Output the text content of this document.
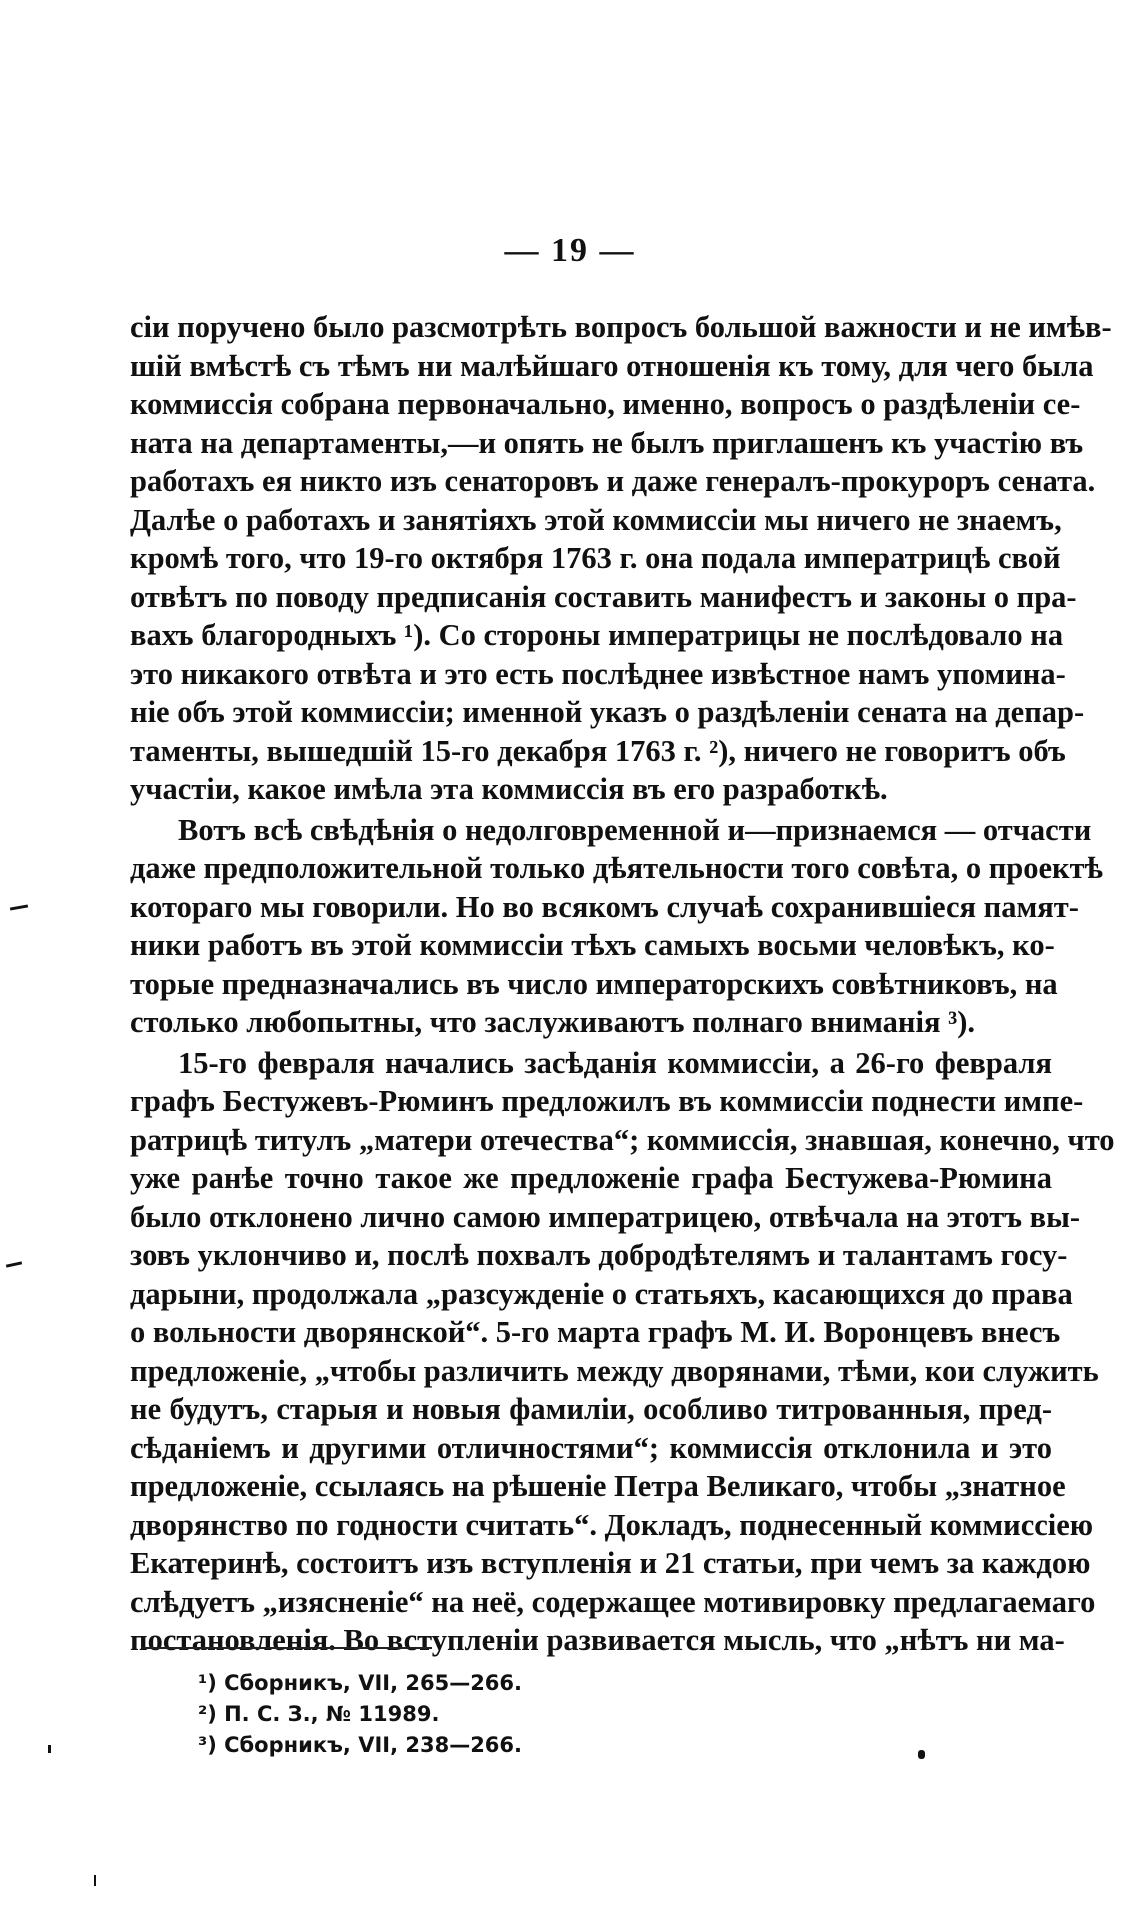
— 19 —
сіи поручено было разсмотрѣть вопросъ большой важности и не имѣв-
шій вмѣстѣ съ тѣмъ ни малѣйшаго отношенія къ тому, для чего была
коммиссія собрана первоначально, именно, вопросъ о раздѣленіи се-
ната на департаменты,—и опять не былъ приглашенъ къ участію въ
работахъ ея никто изъ сенаторовъ и даже генералъ-прокуроръ сената.
Далѣе о работахъ и занятіяхъ этой коммиссіи мы ничего не знаемъ,
кромѣ того, что 19-го октября 1763 г. она подала императрицѣ свой
отвѣтъ по поводу предписанія составить манифестъ и законы о пра-
вахъ благородныхъ ¹). Со стороны императрицы не послѣдовало на
это никакого отвѣта и это есть послѣднее извѣстное намъ упомина-
ніе объ этой коммиссіи; именной указъ о раздѣленіи сената на депар-
таменты, вышедшій 15-го декабря 1763 г. ²), ничего не говоритъ объ
участіи, какое имѣла эта коммиссія въ его разработкѣ.
Вотъ всѣ свѣдѣнія о недолговременной и—признаемся — отчасти
даже предположительной только дѣятельности того совѣта, о проектѣ
котораго мы говорили. Но во всякомъ случаѣ сохранившіеся памят-
ники работъ въ этой коммиссіи тѣхъ самыхъ восьми человѣкъ, ко-
торые предназначались въ число императорскихъ совѣтниковъ, на
столько любопытны, что заслуживаютъ полнаго вниманія ³).
15-го февраля начались засѣданія коммиссіи, а 26-го февраля
графъ Бестужевъ-Рюминъ предложилъ въ коммиссіи поднести импе-
ратрицѣ титулъ „матери отечества“; коммиссія, знавшая, конечно, что
уже ранѣе точно такое же предложеніе графа Бестужева-Рюмина
было отклонено лично самою императрицею, отвѣчала на этотъ вы-
зовъ уклончиво и, послѣ похвалъ добродѣтелямъ и талантамъ госу-
дарыни, продолжала „разсужденіе о статьяхъ, касающихся до права
о вольности дворянской“. 5-го марта графъ М. И. Воронцевъ внесъ
предложеніе, „чтобы различить между дворянами, тѣми, кои служить
не будутъ, старыя и новыя фамиліи, особливо титрованныя, пред-
сѣданіемъ и другими отличностями“; коммиссія отклонила и это
предложеніе, ссылаясь на рѣшеніе Петра Великаго, чтобы „знатное
дворянство по годности считать“. Докладъ, поднесенный коммиссіею
Екатеринѣ, состоитъ изъ вступленія и 21 статьи, при чемъ за каждою
слѣдуетъ „изясненіе“ на неё, содержащее мотивировку предлагаемаго
постановленія. Во вступленіи развивается мысль, что „нѣтъ ни ма-
¹) Сборникъ, VII, 265—266.
²) П. С. З., № 11989.
³) Сборникъ, VII, 238—266.
